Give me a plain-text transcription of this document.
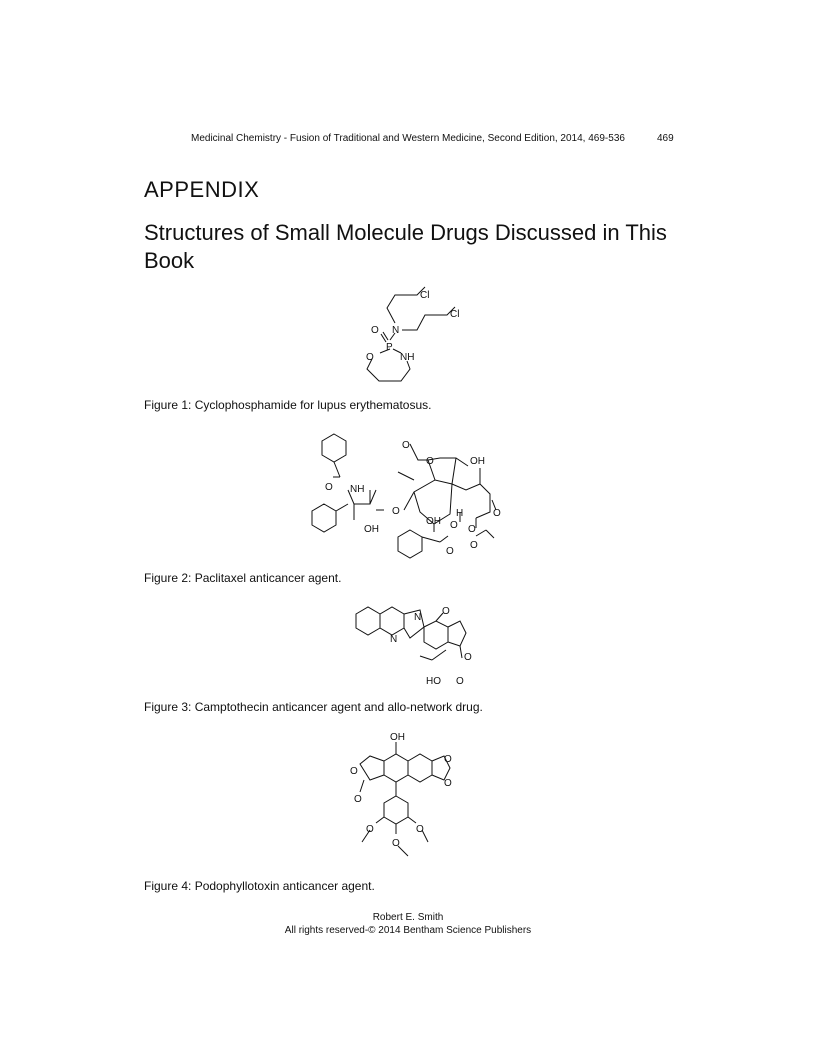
Medicinal Chemistry - Fusion of Traditional and Western Medicine, Second Edition, 2014, 469-536	469
APPENDIX
Structures of Small Molecule Drugs Discussed in This Book
Cl
Cl
O
P
N
O	NH
Figure 1: Cyclophosphamide for lupus erythematosus.
O
O	OH
NH
O
O
OH
OH
H
O
O
O
O
O
Figure 2: Paclitaxel anticancer agent.
N
N
O
O
O
HO
Figure 3: Camptothecin anticancer agent and allo-network drug.
OH
O
O
O
O
O	O
O
Figure 4: Podophyllotoxin anticancer agent.
Robert E. Smith
All rights reserved-© 2014 Bentham Science Publishers
